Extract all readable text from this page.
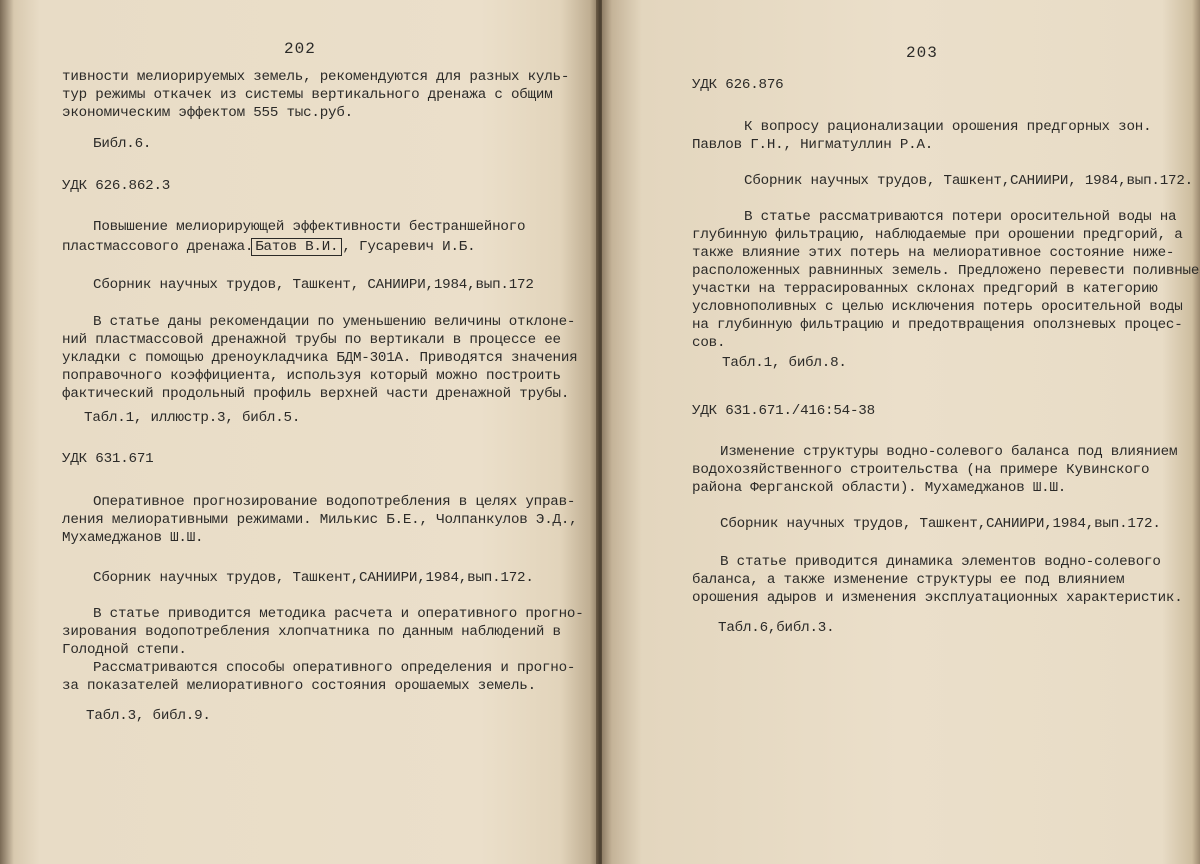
202
тивности мелиорируемых земель, рекомендуются для разных куль-
тур режимы откачек из системы вертикального дренажа с общим
экономическим эффектом 555 тыс.руб.
Библ.6.
УДК 626.862.3
Повышение мелиорирующей эффективности бестраншейного
пластмассового дренажа. Батов В.И. , Гусаревич И.Б.
Сборник научных трудов, Ташкент, САНИИРИ,1984,вып.172
В статье даны рекомендации по уменьшению величины отклоне-
ний пластмассовой дренажной трубы по вертикали в процессе ее
укладки с помощью дреноукладчика БДМ-301А. Приводятся значения
поправочного коэффициента, используя который можно построить
фактический продольный профиль верхней части дренажной трубы.
Табл.1, иллюстр.3, библ.5.
УДК 631.671
Оперативное прогнозирование водопотребления в целях управ-
ления мелиоративными режимами. Милькис Б.Е., Чолпанкулов Э.Д.,
Мухамеджанов Ш.Ш.
Сборник научных трудов, Ташкент,САНИИРИ,1984,вып.172.
В статье приводится методика расчета и оперативного прогно-
зирования водопотребления хлопчатника по данным наблюдений в
Голодной степи.
Рассматриваются способы оперативного определения и прогно-
за показателей мелиоративного состояния орошаемых земель.
Табл.3, библ.9.
203
УДК 626.876
К вопросу рационализации орошения предгорных зон.
Павлов Г.Н., Нигматуллин Р.А.
Сборник научных трудов, Ташкент,САНИИРИ, 1984,вып.172.
В статье рассматриваются потери оросительной воды на
глубинную фильтрацию, наблюдаемые при орошении предгорий, а
также влияние этих потерь на мелиоративное состояние ниже-
расположенных равнинных земель. Предложено перевести поливные
участки на террасированных склонах предгорий в категорию
условнополивных с целью исключения потерь оросительной воды
на глубинную фильтрацию и предотвращения оползневых процес-
сов.
Табл.1, библ.8.
УДК 631.671./416:54-38
Изменение структуры водно-солевого баланса под влиянием
водохозяйственного строительства (на примере Кувинского
района Ферганской области). Мухамеджанов Ш.Ш.
Сборник научных трудов, Ташкент,САНИИРИ,1984,вып.172.
В статье приводится динамика элементов водно-солевого
баланса, а также изменение структуры ее под влиянием
орошения адыров и изменения эксплуатационных характеристик.
Табл.6,библ.3.
